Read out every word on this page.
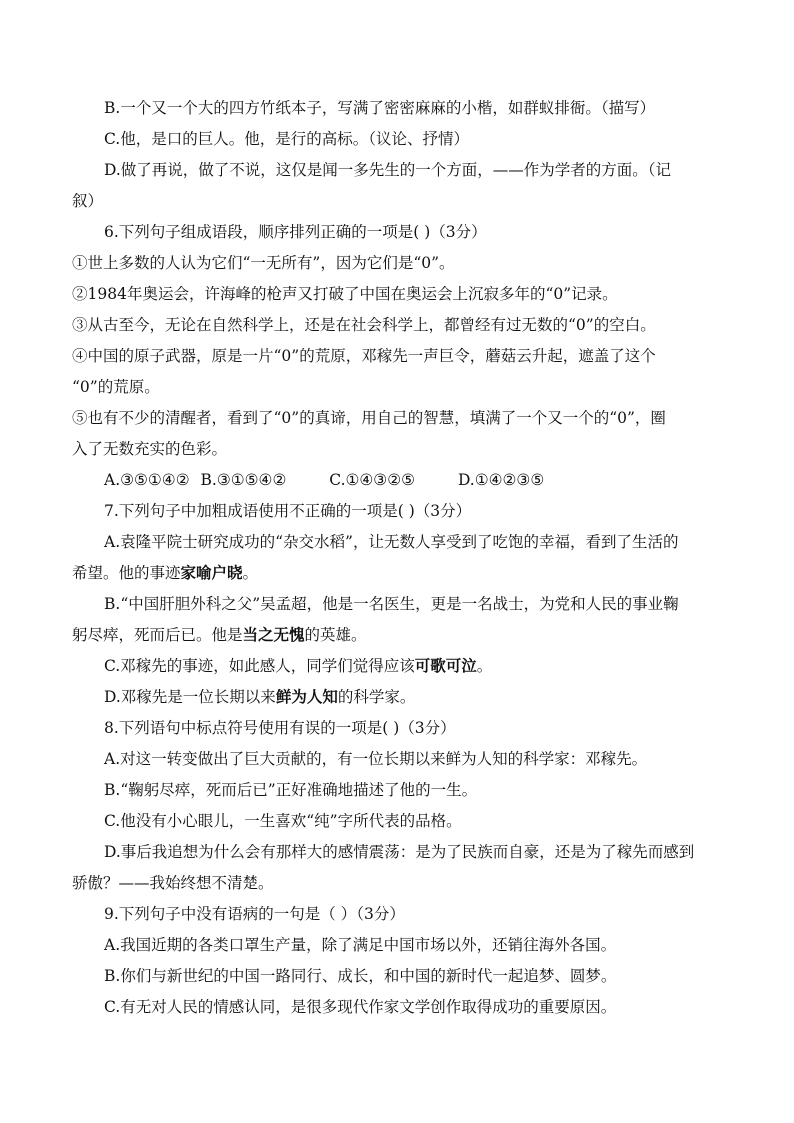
B.一个又一个大的四方竹纸本子，写满了密密麻麻的小楷，如群蚁排衙。（描写）
C.他，是口的巨人。他，是行的高标。（议论、抒情）
D.做了再说，做了不说，这仅是闻一多先生的一个方面，——作为学者的方面。（记
叙）
6.下列句子组成语段，顺序排列正确的一项是( )（3分）
①世上多数的人认为它们“一无所有”，因为它们是“0”。
②1984年奥运会，许海峰的枪声又打破了中国在奥运会上沉寂多年的“0”记录。
③从古至今，无论在自然科学上，还是在社会科学上，都曾经有过无数的“0”的空白。
④中国的原子武器，原是一片“0”的荒原，邓稼先一声巨令，蘑菇云升起，遮盖了这个
“0”的荒原。
⑤也有不少的清醒者，看到了“0”的真谛，用自己的智慧，填满了一个又一个的“0”，圈
入了无数充实的色彩。
A.③⑤①④② B.③①⑤④②	C.①④③②⑤	D.①④②③⑤
7.下列句子中加粗成语使用不正确的一项是( )（3分）
A.袁隆平院士研究成功的“杂交水稻”，让无数人享受到了吃饱的幸福，看到了生活的
希望。他的事迹家喻户晓。
B.“中国肝胆外科之父”吴孟超，他是一名医生，更是一名战士，为党和人民的事业鞠
躬尽瘁，死而后已。他是当之无愧的英雄。
C.邓稼先的事迹，如此感人，同学们觉得应该可歌可泣。
D.邓稼先是一位长期以来鲜为人知的科学家。
8.下列语句中标点符号使用有误的一项是( )（3分）
A.对这一转变做出了巨大贡献的，有一位长期以来鲜为人知的科学家：邓稼先。
B.“鞠躬尽瘁，死而后已”正好准确地描述了他的一生。
C.他没有小心眼儿，一生喜欢“纯”字所代表的品格。
D.事后我追想为什么会有那样大的感情震荡：是为了民族而自豪，还是为了稼先而感到
骄傲？——我始终想不清楚。
9.下列句子中没有语病的一句是（ ）（3分）
A.我国近期的各类口罩生产量，除了满足中国市场以外，还销往海外各国。
B.你们与新世纪的中国一路同行、成长，和中国的新时代一起追梦、圆梦。
C.有无对人民的情感认同，是很多现代作家文学创作取得成功的重要原因。
